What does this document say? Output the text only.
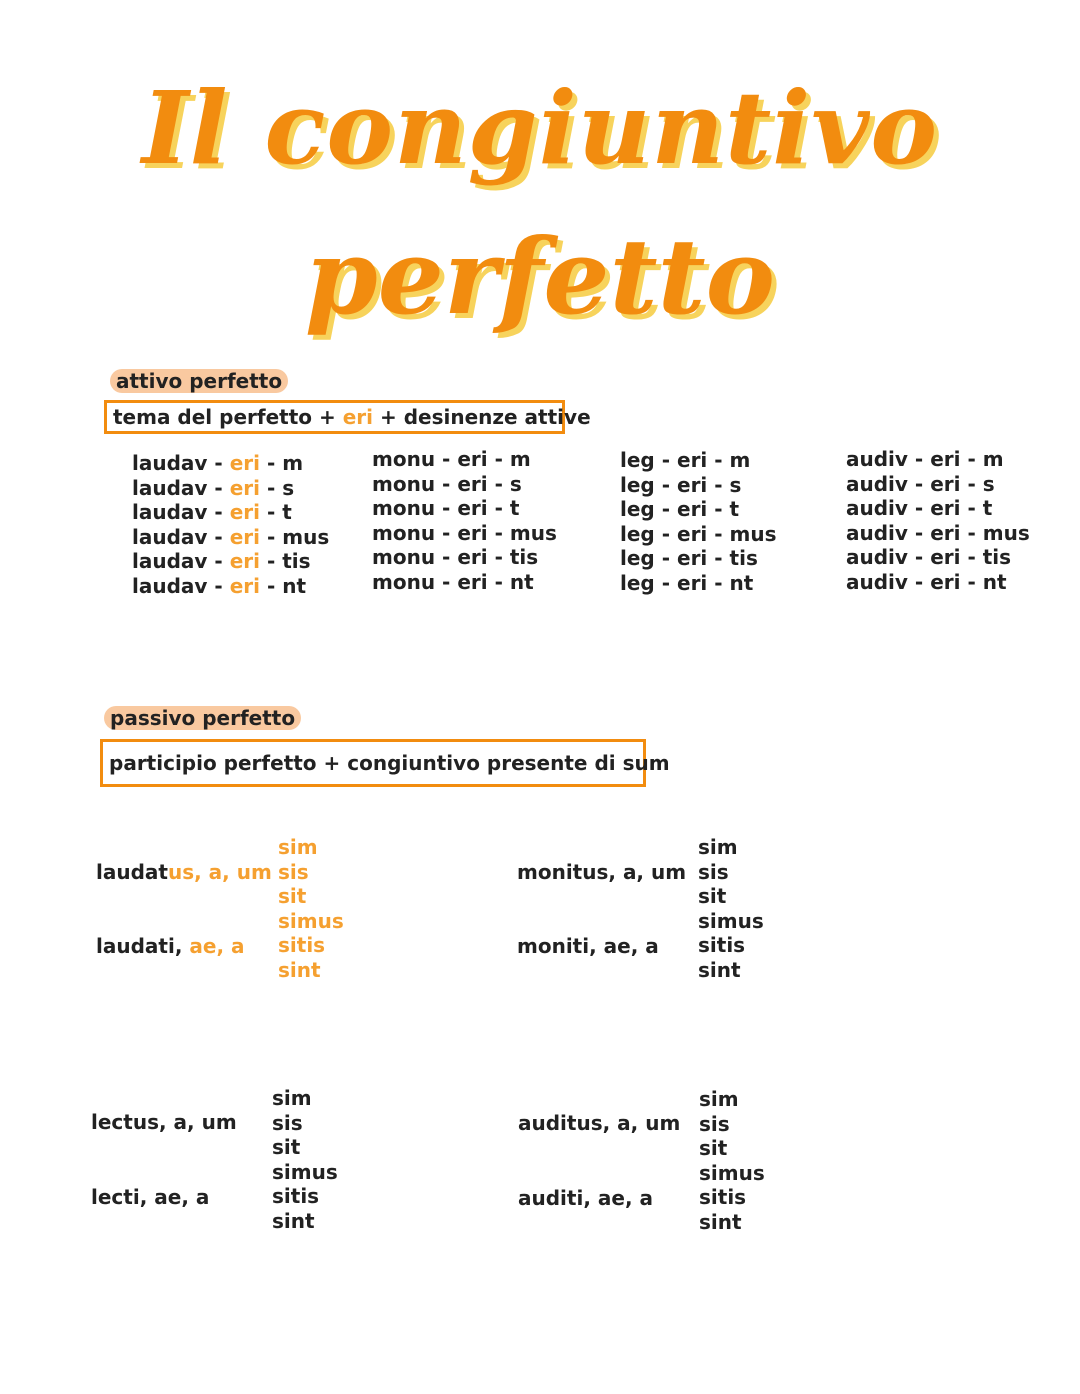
Il congiuntivo
perfetto
attivo perfetto
tema del perfetto
+
eri
+
desinenze attive
laudav - eri - m
laudav - eri - s
laudav - eri - t
laudav - eri - mus
laudav - eri - tis
laudav - eri - nt
monu - eri - m
monu - eri - s
monu - eri - t
monu - eri - mus
monu - eri - tis
monu - eri - nt
leg - eri - m
leg - eri - s
leg - eri - t
leg - eri - mus
leg - eri - tis
leg - eri - nt
audiv - eri - m
audiv - eri - s
audiv - eri - t
audiv - eri - mus
audiv - eri - tis
audiv - eri - nt
passivo perfetto
participio perfetto
+
congiuntivo presente di sum
laudatus, a, um
laudati, ae, a
sim
sis
sit
simus
sitis
sint
monitus, a, um
moniti, ae, a
sim
sis
sit
simus
sitis
sint
lectus, a, um
lecti, ae, a
sim
sis
sit
simus
sitis
sint
auditus, a, um
auditi, ae, a
sim
sis
sit
simus
sitis
sint
